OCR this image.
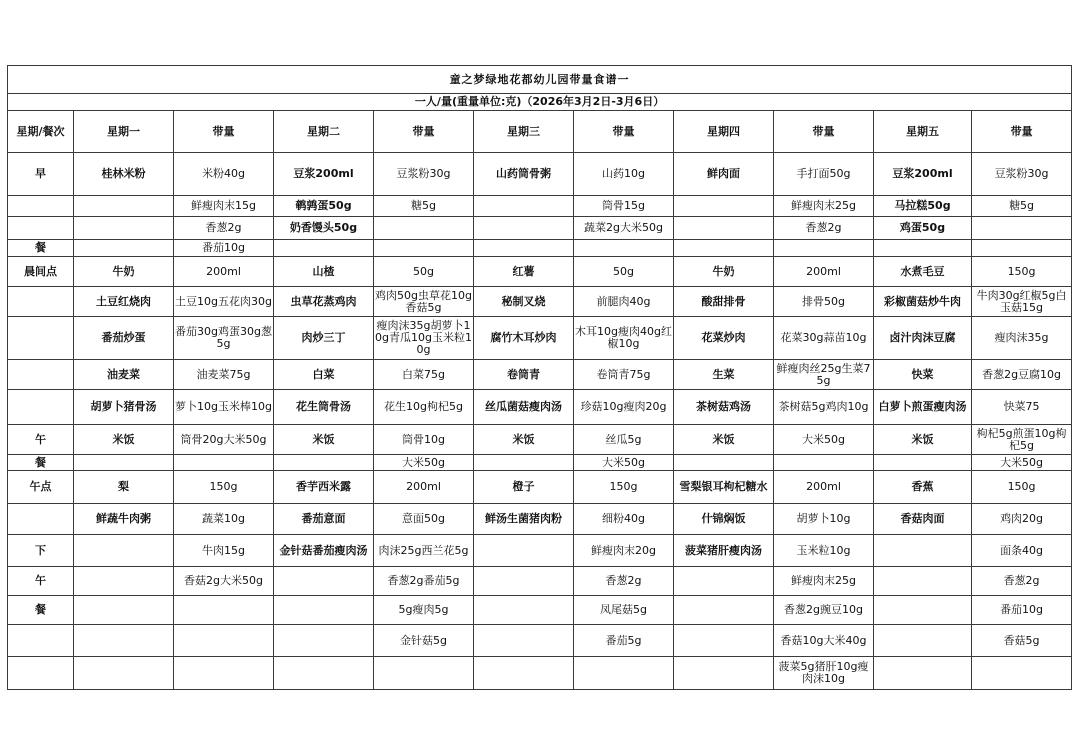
童之梦绿地花都幼儿园带量食谱一										
一人/量(重量单位:克)（2026年3月2日-3月6日）										
星期/餐次	星期一	带量	星期二	带量	星期三	带量	星期四	带量	星期五	带量
早	桂林米粉	米粉40g	豆浆200ml	豆浆粉30g	山药筒骨粥	山药10g	鲜肉面	手打面50g	豆浆200ml	豆浆粉30g
		鲜瘦肉末15g	鹌鹑蛋50g	糖5g		筒骨15g		鲜瘦肉末25g	马拉糕50g	糖5g
		香葱2g	奶香馒头50g			蔬菜2g大米50g		香葱2g	鸡蛋50g	
餐		番茄10g								
晨间点	牛奶	200ml	山楂	50g	红薯	50g	牛奶	200ml	水煮毛豆	150g
	土豆红烧肉	土豆10g五花肉30g	虫草花蒸鸡肉	鸡肉50g虫草花10g香菇5g	秘制叉烧	前腿肉40g	酸甜排骨	排骨50g	彩椒菌菇炒牛肉	牛肉30g红椒5g白玉菇15g
	番茄炒蛋	番茄30g鸡蛋30g葱5g	肉炒三丁	瘦肉沫35g胡萝卜10g青瓜10g玉米粒10g	腐竹木耳炒肉	木耳10g瘦肉40g红椒10g	花菜炒肉	花菜30g蒜苗10g	卤汁肉沫豆腐	瘦肉沫35g
	油麦菜	油麦菜75g	白菜	白菜75g	卷筒青	卷筒青75g	生菜	鲜瘦肉丝25g生菜75g	快菜	香葱2g豆腐10g
	胡萝卜猪骨汤	萝卜10g玉米棒10g	花生筒骨汤	花生10g枸杞5g	丝瓜菌菇瘦肉汤	珍菇10g瘦肉20g	茶树菇鸡汤	茶树菇5g鸡肉10g	白萝卜煎蛋瘦肉汤	快菜75
午	米饭	筒骨20g大米50g	米饭	筒骨10g	米饭	丝瓜5g	米饭	大米50g	米饭	枸杞5g煎蛋10g枸杞5g
餐				大米50g		大米50g				大米50g
午点	梨	150g	香芋西米露	200ml	橙子	150g	雪梨银耳枸杞糖水	200ml	香蕉	150g
	鲜蔬牛肉粥	蔬菜10g	番茄意面	意面50g	鲜汤生菌猪肉粉	细粉40g	什锦焖饭	胡萝卜10g	香菇肉面	鸡肉20g
下		牛肉15g	金针菇番茄瘦肉汤	肉沫25g西兰花5g		鲜瘦肉末20g	菠菜猪肝瘦肉汤	玉米粒10g		面条40g
午		香菇2g大米50g		香葱2g番茄5g		香葱2g		鲜瘦肉末25g		香葱2g
餐				5g瘦肉5g		凤尾菇5g		香葱2g豌豆10g		番茄10g
				金针菇5g		番茄5g		香菇10g大米40g		香菇5g
								菠菜5g猪肝10g瘦肉沫10g		
